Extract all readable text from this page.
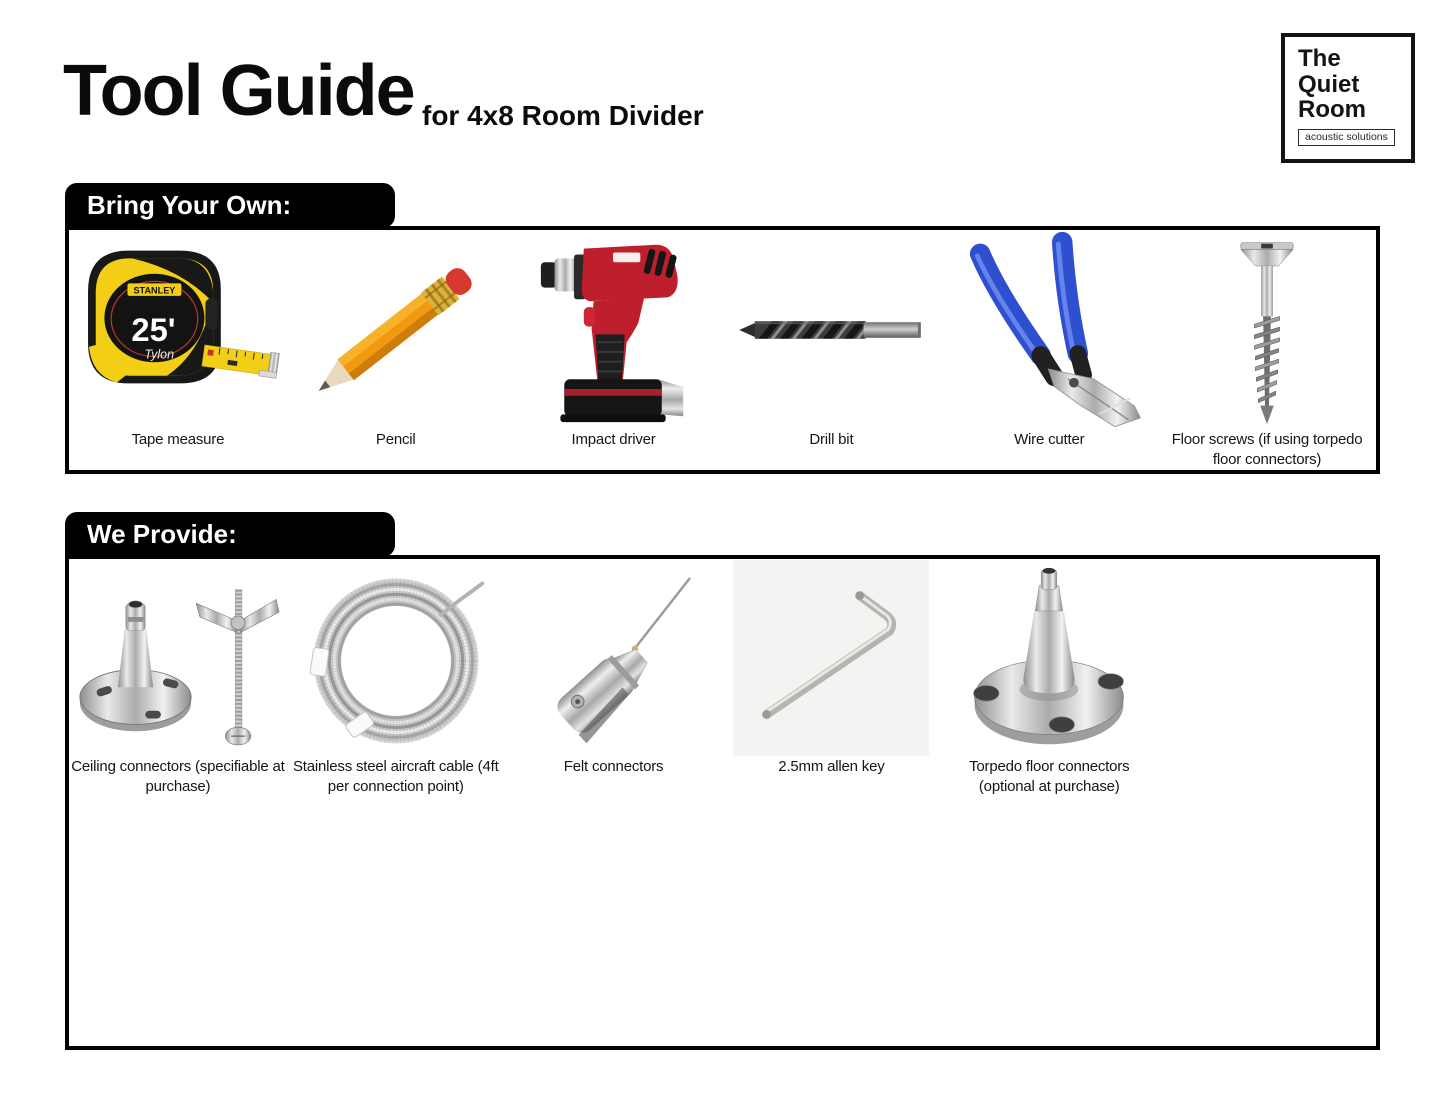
Tool Guide for 4x8 Room Divider
The
Quiet
Room
acoustic solutions
Bring Your Own:
STANLEY
25'
Tylon
Tape measure	Pencil	Impact driver	Drill bit	Wire cutter	Floor screws (if using torpedo floor connectors)
We Provide:
Ceiling connectors (specifiable at purchase)
Stainless steel aircraft cable (4ft per connection point)
Felt connectors	2.5mm allen key	Torpedo floor connectors (optional at purchase)
